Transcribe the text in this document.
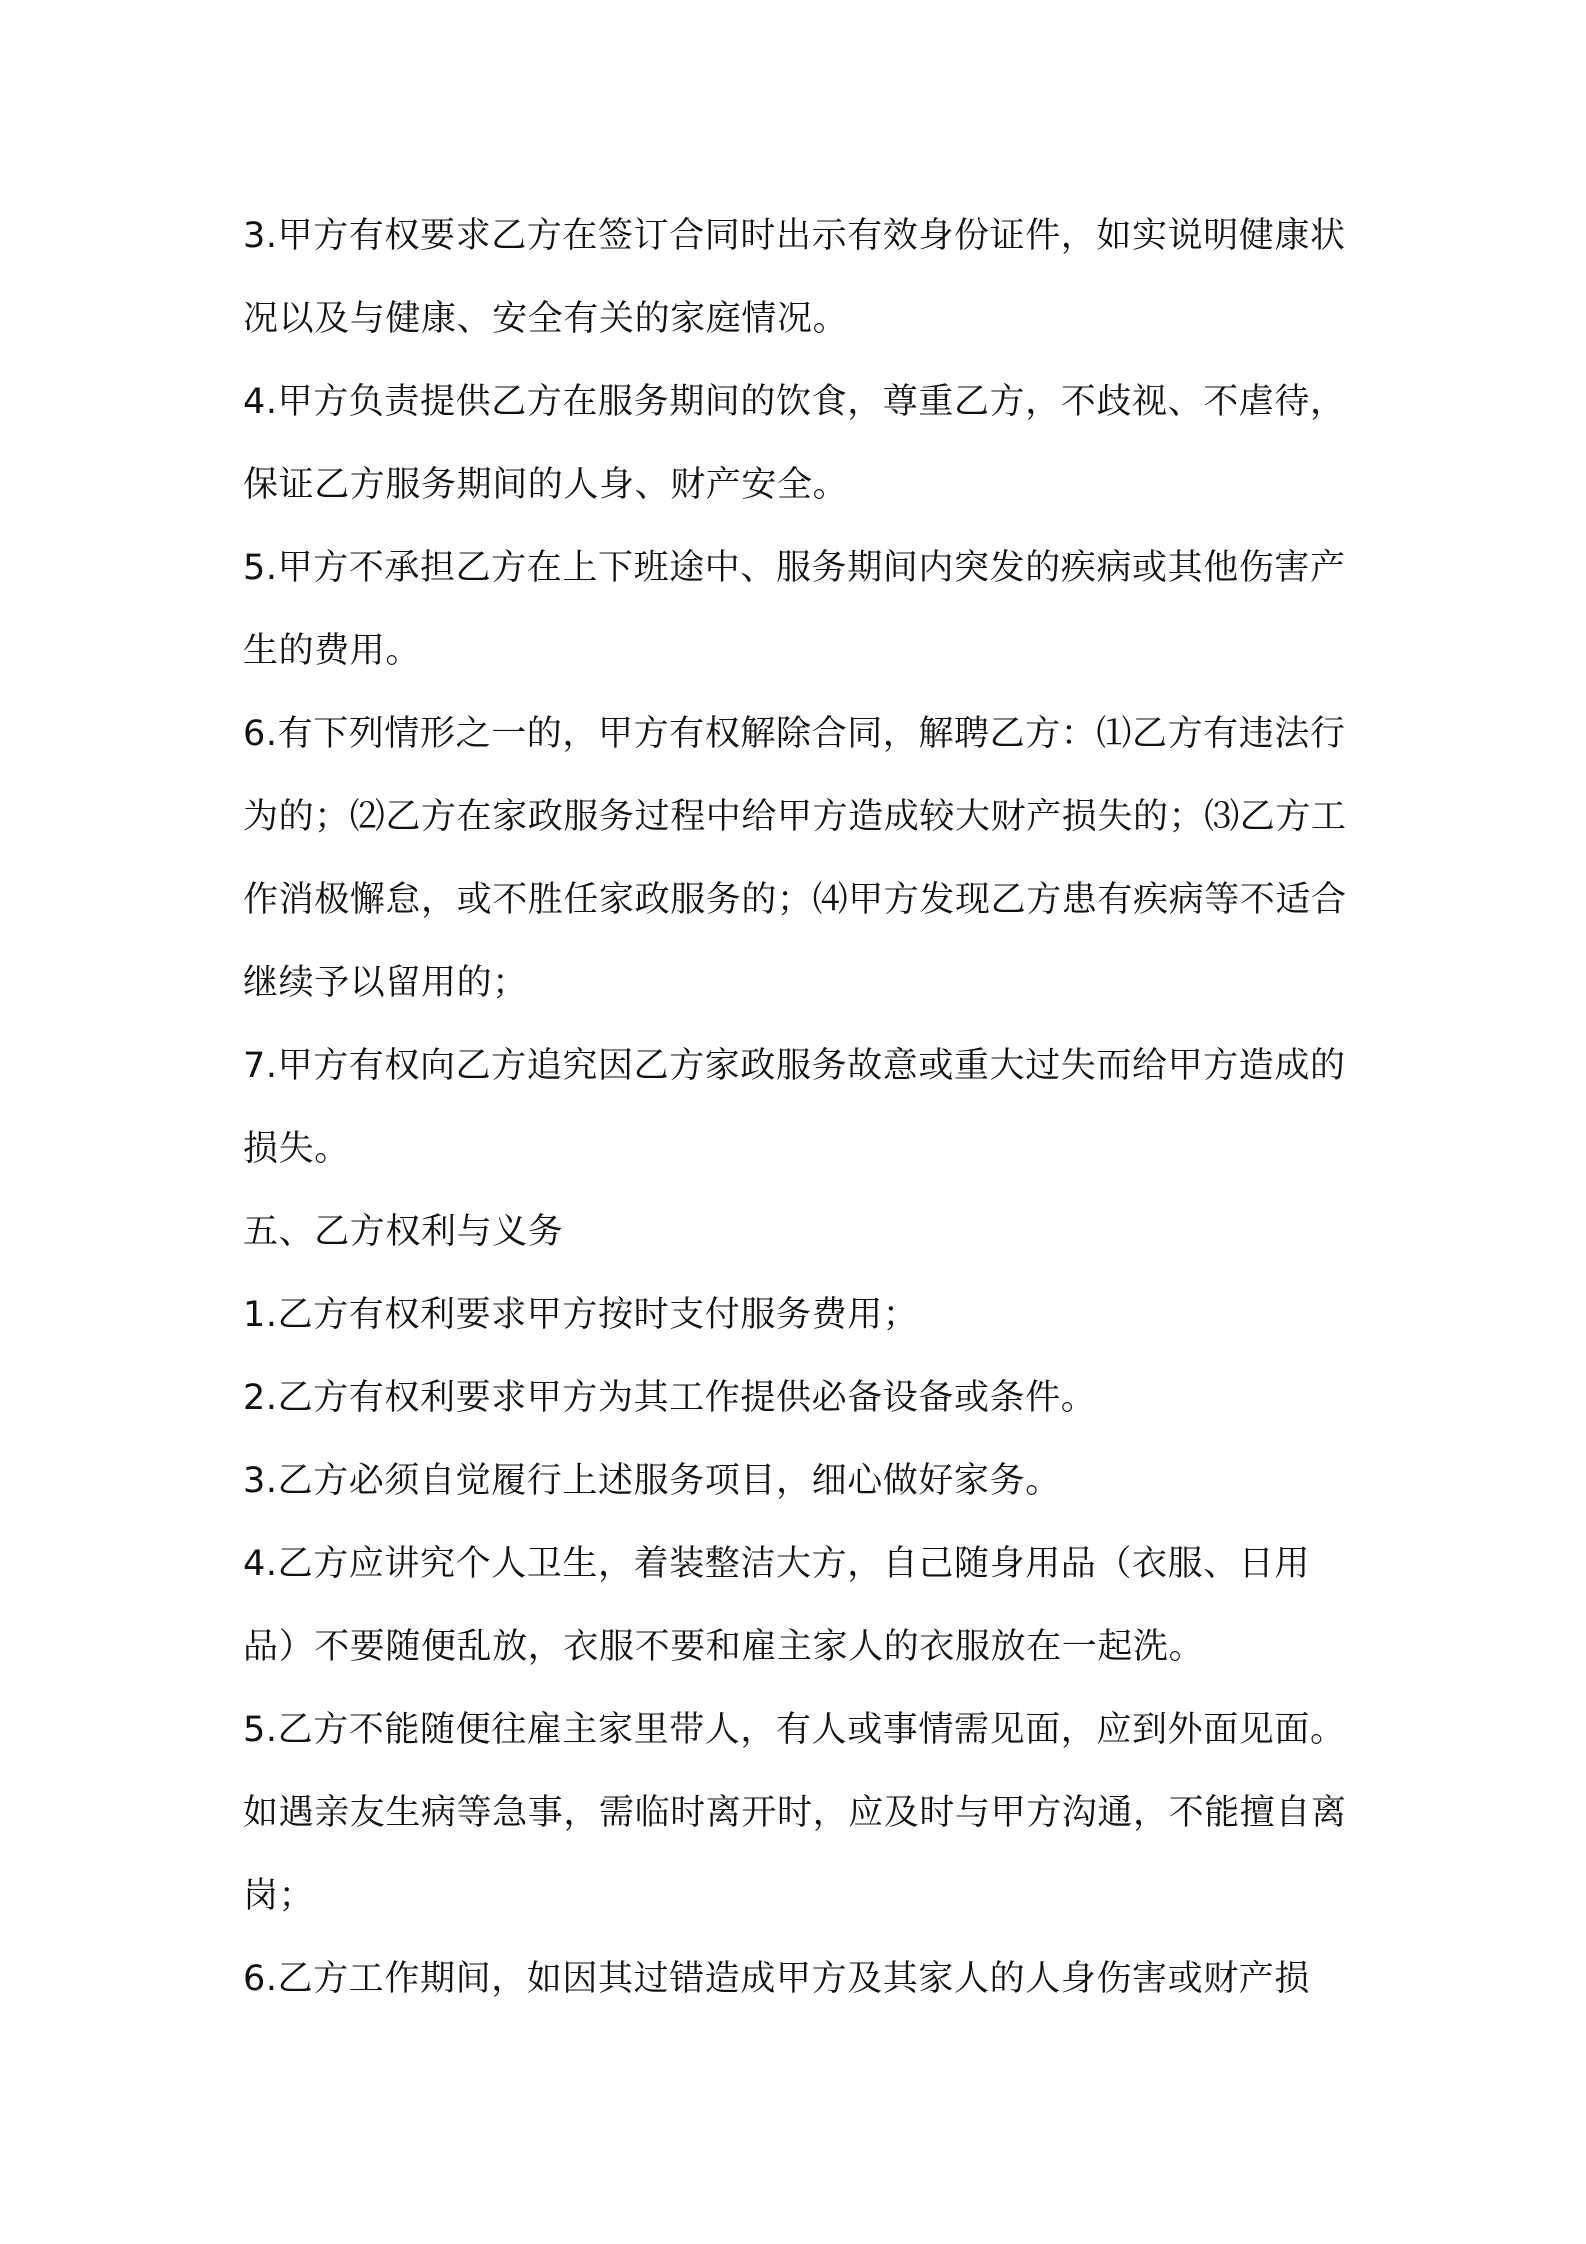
3.甲方有权要求乙方在签订合同时出示有效身份证件，如实说明健康状况以及与健康、安全有关的家庭情况。

4.甲方负责提供乙方在服务期间的饮食，尊重乙方，不歧视、不虐待，保证乙方服务期间的人身、财产安全。

5.甲方不承担乙方在上下班途中、服务期间内突发的疾病或其他伤害产生的费用。

6.有下列情形之一的，甲方有权解除合同，解聘乙方：⑴乙方有违法行为的；⑵乙方在家政服务过程中给甲方造成较大财产损失的；⑶乙方工作消极懈怠，或不胜任家政服务的；⑷甲方发现乙方患有疾病等不适合继续予以留用的；

7.甲方有权向乙方追究因乙方家政服务故意或重大过失而给甲方造成的损失。

五、乙方权利与义务

1.乙方有权利要求甲方按时支付服务费用；

2.乙方有权利要求甲方为其工作提供必备设备或条件。

3.乙方必须自觉履行上述服务项目，细心做好家务。

4.乙方应讲究个人卫生，着装整洁大方，自己随身用品（衣服、日用品）不要随便乱放，衣服不要和雇主家人的衣服放在一起洗。

5.乙方不能随便往雇主家里带人，有人或事情需见面，应到外面见面。如遇亲友生病等急事，需临时离开时，应及时与甲方沟通，不能擅自离岗；

6.乙方工作期间，如因其过错造成甲方及其家人的人身伤害或财产损
